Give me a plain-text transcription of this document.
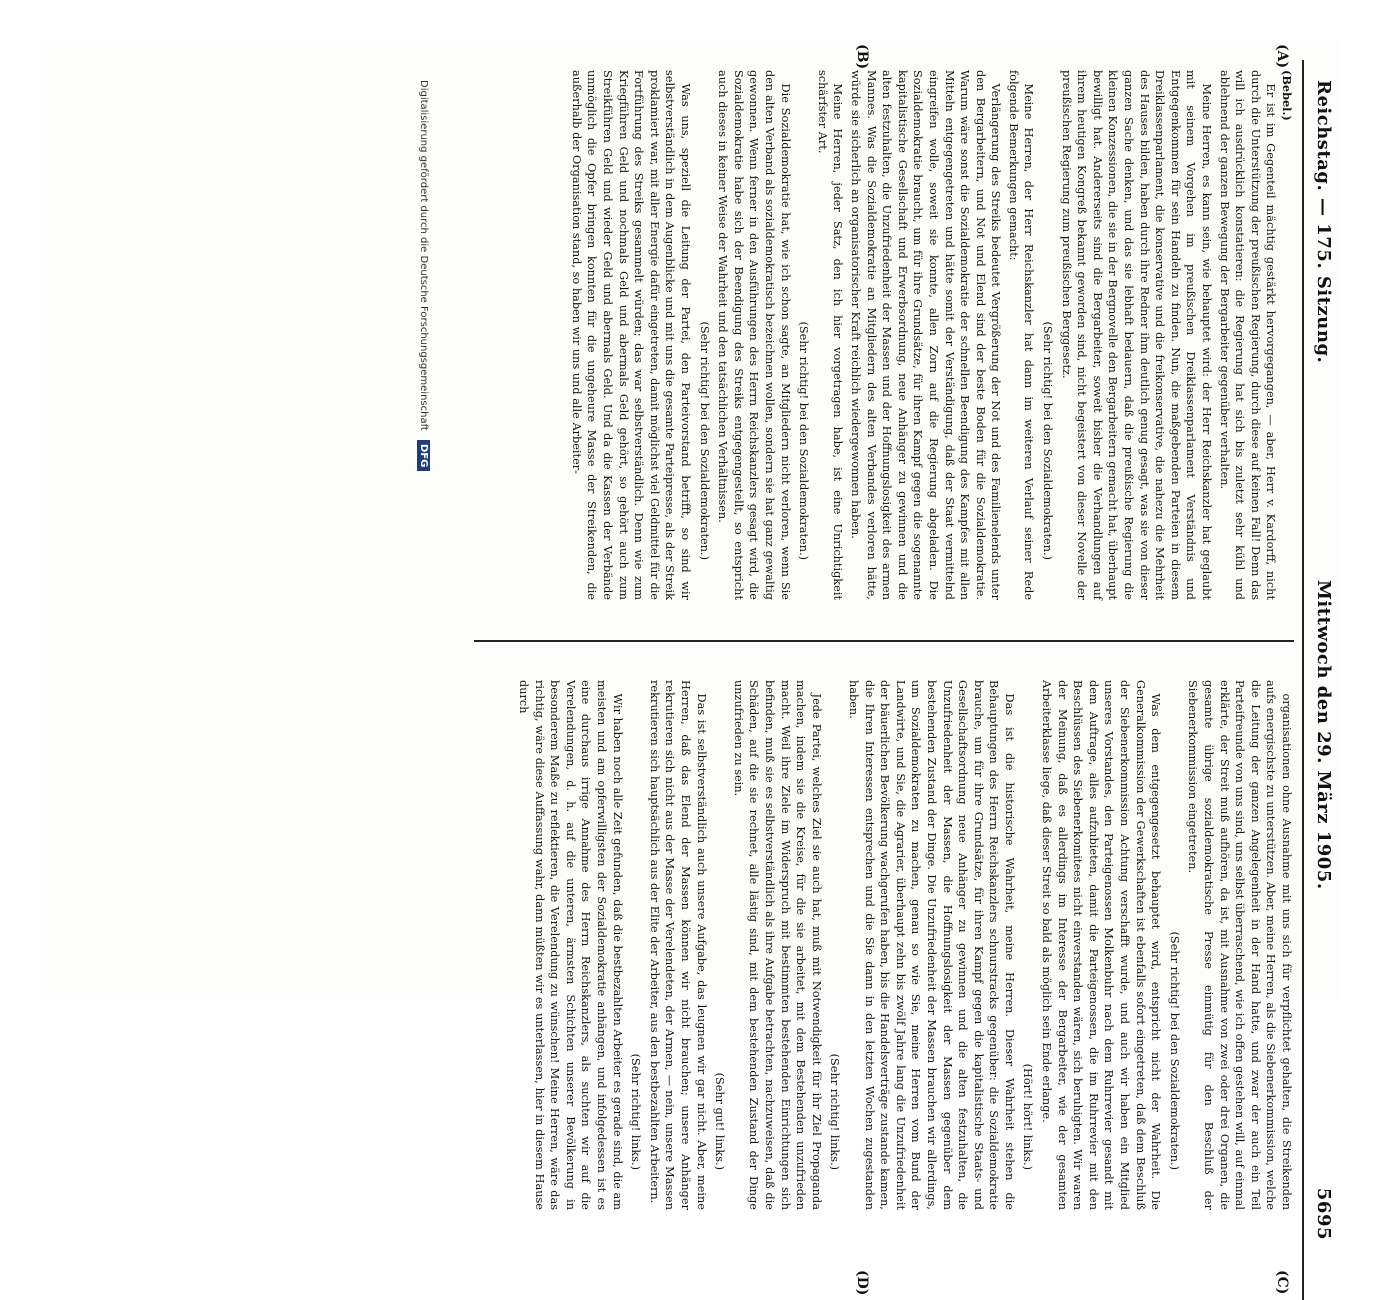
Reichstag. — 175. Sitzung.
Mittwoch den 29. März 1905.
5695
(A)
(B)
(C)
(D)
(Bebel.)

Er ist im Gegenteil mächtig gestärkt hervorgegangen, — aber, Herr v. Kardorff, nicht durch die Unterstützung der preußischen Regierung, durch diese auf keinen Fall! Denn das will ich ausdrücklich konstatieren: die Regierung hat sich bis zuletzt sehr kühl und ablehnend der ganzen Bewegung der Bergarbeiter gegenüber verhalten.

Meine Herren, es kann sein, wie behauptet wird: der Herr Reichskanzler hat geglaubt mit seinem Vorgehen im preußischen Dreiklassenparlament Verständnis und Entgegenkommen für sein Handeln zu finden. Nun, die maßgebenden Parteien in diesem Dreiklassenparlament, die konservative und die freikonservative, die nahezu die Mehrheit des Hauses bilden, haben durch ihre Redner ihm deutlich genug gesagt, was sie von dieser ganzen Sache denken, und das sie lebhaft bedauern, daß die preußische Regierung die kleinen Konzessionen, die sie in der Bergnovelle den Bergarbeitern gemacht hat, überhaupt bewilligt hat. Andererseits sind die Bergarbeiter, soweit bisher die Verhandlungen auf ihrem heutigen Kongreß bekannt geworden sind, nicht begeistert von dieser Novelle der preußischen Regierung zum preußischen Berggesetz.

(Sehr richtig! bei den Sozialdemokraten.)

Meine Herren, der Herr Reichskanzler hat dann im weiteren Verlauf seiner Rede folgende Bemerkungen gemacht:

Verlängerung des Streiks bedeutet Vergrößerung der Not und des Familienelends unter den Bergarbeitern, und Not und Elend sind der beste Boden für die Sozialdemokratie. Warum wäre sonst die Sozialdemokratie der schnellen Beendigung des Kampfes mit allen Mitteln entgegengetreten und hätte somit der Verständigung, daß der Staat vermittelnd eingreifen wolle, soweit sie konnte, allen Zorn auf die Regierung abgeladen. Die Sozialdemokratie braucht, um für ihre Grundsätze, für ihren Kampf gegen die sogenannte kapitalistische Gesellschaft und Erwerbsordnung, neue Anhänger zu gewinnen und die alten festzuhalten, die Unzufriedenheit der Massen und der Hoffnungslosigkeit des armen Mannes. Was die Sozialdemokratie an Mitgliedern des alten Verbandes verloren hätte, würde sie sicherlich an organisatorischer Kraft reichlich wiedergewonnen haben.

Meine Herren, jeder Satz, den ich hier vorgetragen habe, ist eine Unrichtigkeit schärfster Art.

(Sehr richtig! bei den Sozialdemokraten.)

Die Sozialdemokratie hat, wie ich schon sagte, an Mitgliedern nicht verloren, wenn Sie den alten Verband als sozialdemokratisch bezeichnen wollen, sondern sie hat ganz gewaltig gewonnen. Wenn ferner in den Ausführungen des Herrn Reichskanzlers gesagt wird, die Sozialdemokratie habe sich der Beendigung des Streiks entgegengestellt, so entspricht auch dieses in keiner Weise der Wahrheit und den tatsächlichen Verhältnissen.

(Sehr richtig! bei den Sozialdemokraten.)

Was uns, speziell die Leitung der Partei, den Parteivorstand betrifft, so sind wir selbstverständlich in dem Augenblicke und mit uns die gesamte Parteipresse, als der Streik proklamiert war, mit aller Energie dafür eingetreten, damit möglichst viel Geldmittel für die Fortführung des Streiks gesammelt würden; das war selbstverständlich. Denn wie zum Kriegführen Geld und nochmals Geld und abermals Geld gehört, so gehört auch zum Streikführen Geld und wieder Geld und abermals Geld. Und da die Kassen der Verbände unmöglich die Opfer bringen konnten für die ungeheure Masse der Streikenden, die außerhalb der Organisation stand, so haben wir uns und alle Arbeiter-

organisationen ohne Ausnahme mit uns sich für verpflichtet gehalten, die Streikenden aufs energischste zu unterstützen. Aber, meine Herren, als die Siebenerkommission, welche die Leitung der ganzen Angelegenheit in der Hand hatte, und zwar der auch ein Teil Parteifreunde von uns sind, uns selbst überraschend, wie ich offen gestehen will, auf einmal erklärte, der Streit muß aufhören, da ist, mit Ausnahme von zwei oder drei Organen, die gesamte übrige sozialdemokratische Presse einmütig für den Beschluß der Siebenerkommission eingetreten.

(Sehr richtig! bei den Sozialdemokraten.)

Was dem entgegengesetzt behauptet wird, entspricht nicht der Wahrheit. Die Generalkommission der Gewerkschaften ist ebenfalls sofort eingetreten, daß dem Beschluß der Siebenerkommission Achtung verschafft wurde, und auch wir haben ein Mitglied unseres Vorstandes, den Parteigenossen Molkenbuhr nach dem Ruhrrevier gesandt mit dem Auftrage, alles aufzubieten, damit die Parteigenossen, die im Ruhrrevier mit den Beschlüssen des Siebenerkomitees nicht einverstanden wären, sich beruhigten. Wir waren der Meinung, daß es allerdings im Interesse der Bergarbeiter, wie der gesamten Arbeiterklasse liege, daß dieser Streit so bald als möglich sein Ende erlange.

(Hört! hört! links.)

Das ist die historische Wahrheit, meine Herren. Dieser Wahrheit stehen die Behauptungen des Herrn Reichskanzlers schnurstracks gegenüber: die Sozialdemokratie brauche, um für ihre Grundsätze, für ihren Kampf gegen die kapitalistische Staats- und Gesellschaftsordnung neue Anhänger zu gewinnen und die alten festzuhalten, die Unzufriedenheit der Massen, die Hoffnungslosigkeit der Massen gegenüber dem bestehenden Zustand der Dinge. Die Unzufriedenheit der Massen brauchen wir allerdings, um Sozialdemokraten zu machen, genau so wie Sie, meine Herren vom Bund der Landwirte, und Sie, die Agrarier, überhaupt zehn bis zwölf Jahre lang die Unzufriedenheit der bäuerlichen Bevölkerung wachgerufen haben, bis die Handelsverträge zustande kamen, die Ihren Interessen entsprechen und die Sie dann in den letzten Wochen zugestanden haben.

(Sehr richtig! links.)

Jede Partei, welches Ziel sie auch hat, muß mit Notwendigkeit für ihr Ziel Propaganda machen, indem sie die Kreise, für die sie arbeitet, mit dem Bestehenden unzufrieden macht. Weil ihre Ziele im Widerspruch mit bestimmten bestehenden Einrichtungen sich befinden, muß sie es selbstverständlich als ihre Aufgabe betrachten, nachzuweisen, daß die Schäden, auf die sie rechnet, alle lästig sind, mit dem bestehenden Zustand der Dinge unzufrieden zu sein.

(Sehr gut! links.)

Das ist selbstverständlich auch unsere Aufgabe, das leugnen wir gar nicht. Aber, meine Herren, daß das Elend der Massen können wir nicht brauchen; unsere Anhänger rekrutieren sich nicht aus der Masse der Verelendeten, der Armen, — nein, unsere Massen rekrutieren sich hauptsächlich aus der Elite der Arbeiter, aus den bestbezahlten Arbeitern.

(Sehr richtig! links.)

Wir haben noch alle Zeit gefunden, daß die bestbezahlten Arbeiter es gerade sind, die am meisten und am opferwilligsten der Sozialdemokratie anhängen, und infolgedessen ist es eine durchaus irrige Annahme des Herrn Reichskanzlers, als suchten wir auf die Verelendungen, d. h. auf die unteren, ärmsten Schichten unserer Bevölkerung in besonderem Maße zu reflektieren, die Verelendung zu wünschen! Meine Herren, wäre das richtig, wäre diese Auffassung wahr, dann müßten wir es unterlassen, hier in diesem Hause durch

Digitalisierung gefördert durch die Deutsche Forschungsgemeinschaft DFG
